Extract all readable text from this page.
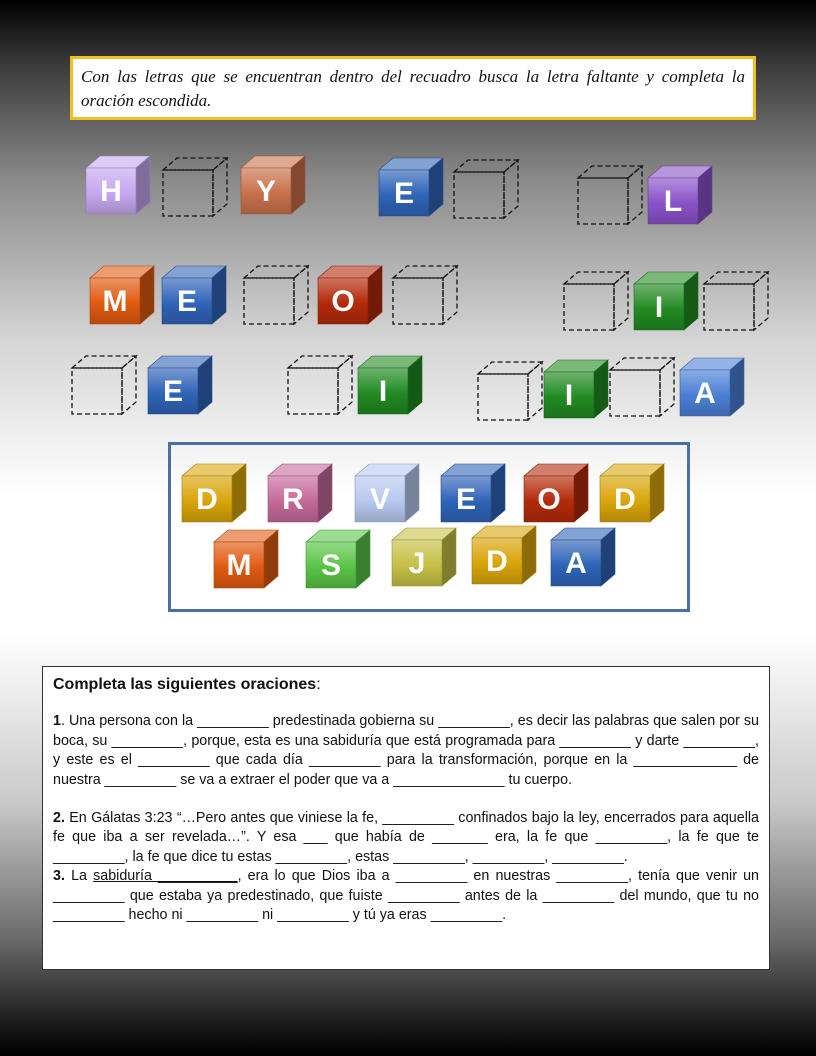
Con las letras que se encuentran dentro del recuadro busca la letra faltante y completa la oración escondida.
H	Y	E	L
M E	O	I
E	I	I	A
D R V E O D
M S J D A
Completa las siguientes oraciones:

1. Una persona con la _________ predestinada gobierna su _________, es decir las palabras que salen por su boca, su _________, porque, esta es una sabiduría que está programada para _________ y darte _________, y este es el _________ que cada día _________ para la transformación, porque en la _____________ de nuestra _________ se va a extraer el poder que va a ______________ tu cuerpo.

2. En Gálatas 3:23 “…Pero antes que viniese la fe, _________ confinados bajo la ley, encerrados para aquella fe que iba a ser revelada…”. Y esa ___ que había de _______ era, la fe que _________, la fe que te _________, la fe que dice tu estas _________, estas _________, _________, _________.

3. La sabiduría __________, era lo que Dios iba a _________ en nuestras _________, tenía que venir un _________ que estaba ya predestinado, que fuiste _________ antes de la _________ del mundo, que tu no _________ hecho ni _________ ni _________ y tú ya eras _________.
